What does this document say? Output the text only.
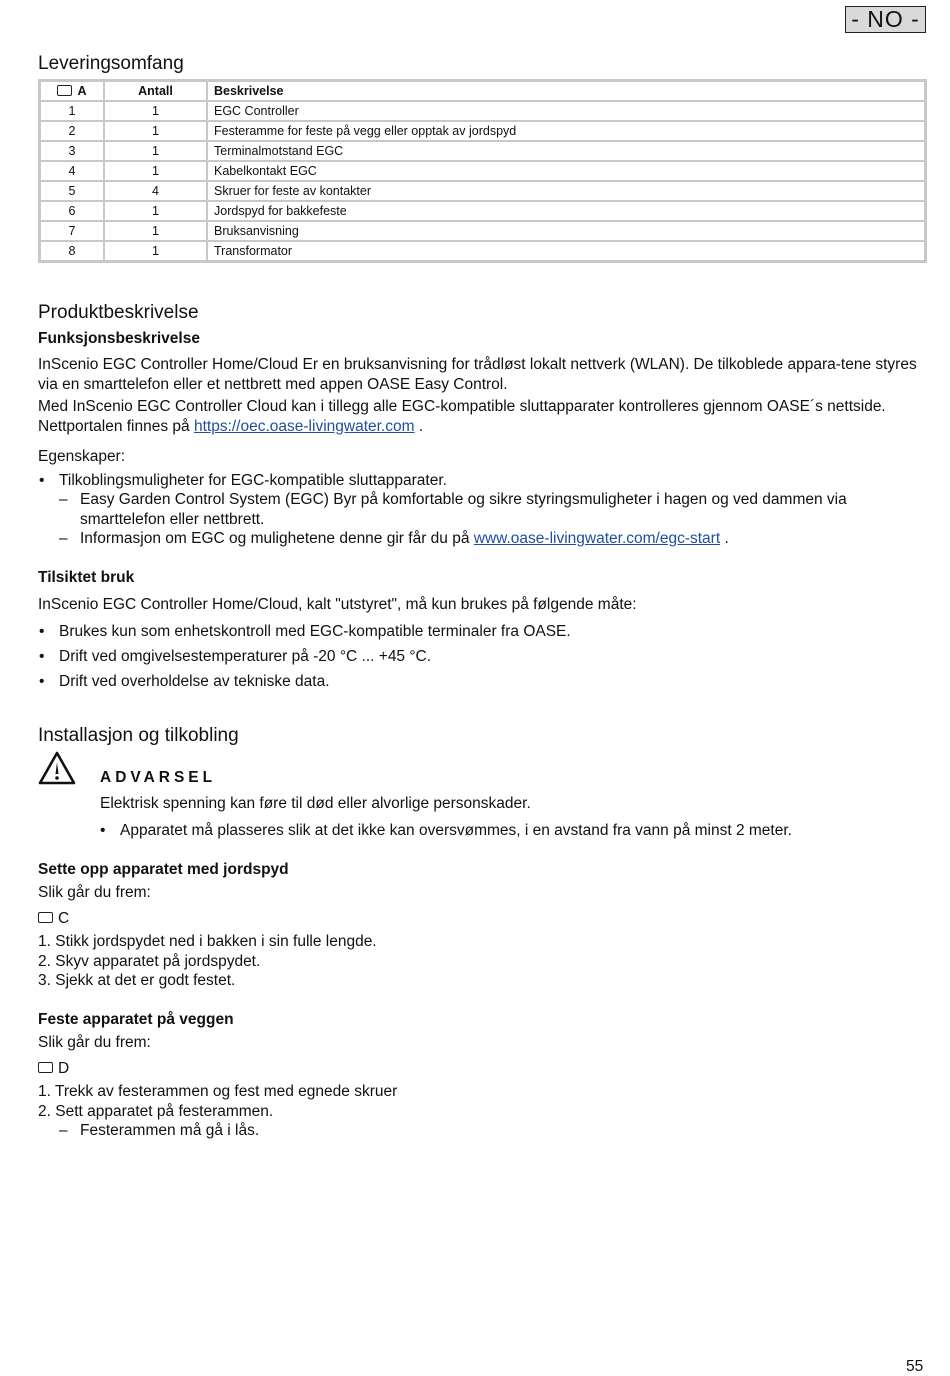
- NO -
Leveringsomfang
A	Antall	Beskrivelse
1	1	EGC Controller
2	1	Festeramme for feste på vegg eller opptak av jordspyd
3	1	Terminalmotstand EGC
4	1	Kabelkontakt EGC
5	4	Skruer for feste av kontakter
6	1	Jordspyd for bakkefeste
7	1	Bruksanvisning
8	1	Transformator
Produktbeskrivelse
Funksjonsbeskrivelse

InScenio EGC Controller Home/Cloud Er en bruksanvisning for trådløst lokalt nettverk (WLAN). De tilkoblede appara-tene styres via en smarttelefon eller et nettbrett med appen OASE Easy Control.

Med InScenio EGC Controller Cloud kan i tillegg alle EGC-kompatible sluttapparater kontrolleres gjennom OASE´s nettside. Nettportalen finnes på https://oec.oase-livingwater.com .

Egenskaper:

• Tilkoblingsmuligheter for EGC-kompatible sluttapparater.
– Easy Garden Control System (EGC) Byr på komfortable og sikre styringsmuligheter i hagen og ved dammen via smarttelefon eller nettbrett.
– Informasjon om EGC og mulighetene denne gir får du på www.oase-livingwater.com/egc-start .
Tilsiktet bruk

InScenio EGC Controller Home/Cloud, kalt "utstyret", må kun brukes på følgende måte:

• Brukes kun som enhetskontroll med EGC-kompatible terminaler fra OASE.
• Drift ved omgivelsestemperaturer på -20 °C ... +45 °C.
• Drift ved overholdelse av tekniske data.
Installasjon og tilkobling
ADVARSEL

Elektrisk spenning kan føre til død eller alvorlige personskader.

• Apparatet må plasseres slik at det ikke kan oversvømmes, i en avstand fra vann på minst 2 meter.
Sette opp apparatet med jordspyd

Slik går du frem:

C

1. Stikk jordspydet ned i bakken i sin fulle lengde.

2. Skyv apparatet på jordspydet.

3. Sjekk at det er godt festet.

Feste apparatet på veggen

Slik går du frem:

D

1. Trekk av festerammen og fest med egnede skruer

2. Sett apparatet på festerammen.

– Festerammen må gå i lås.
55
